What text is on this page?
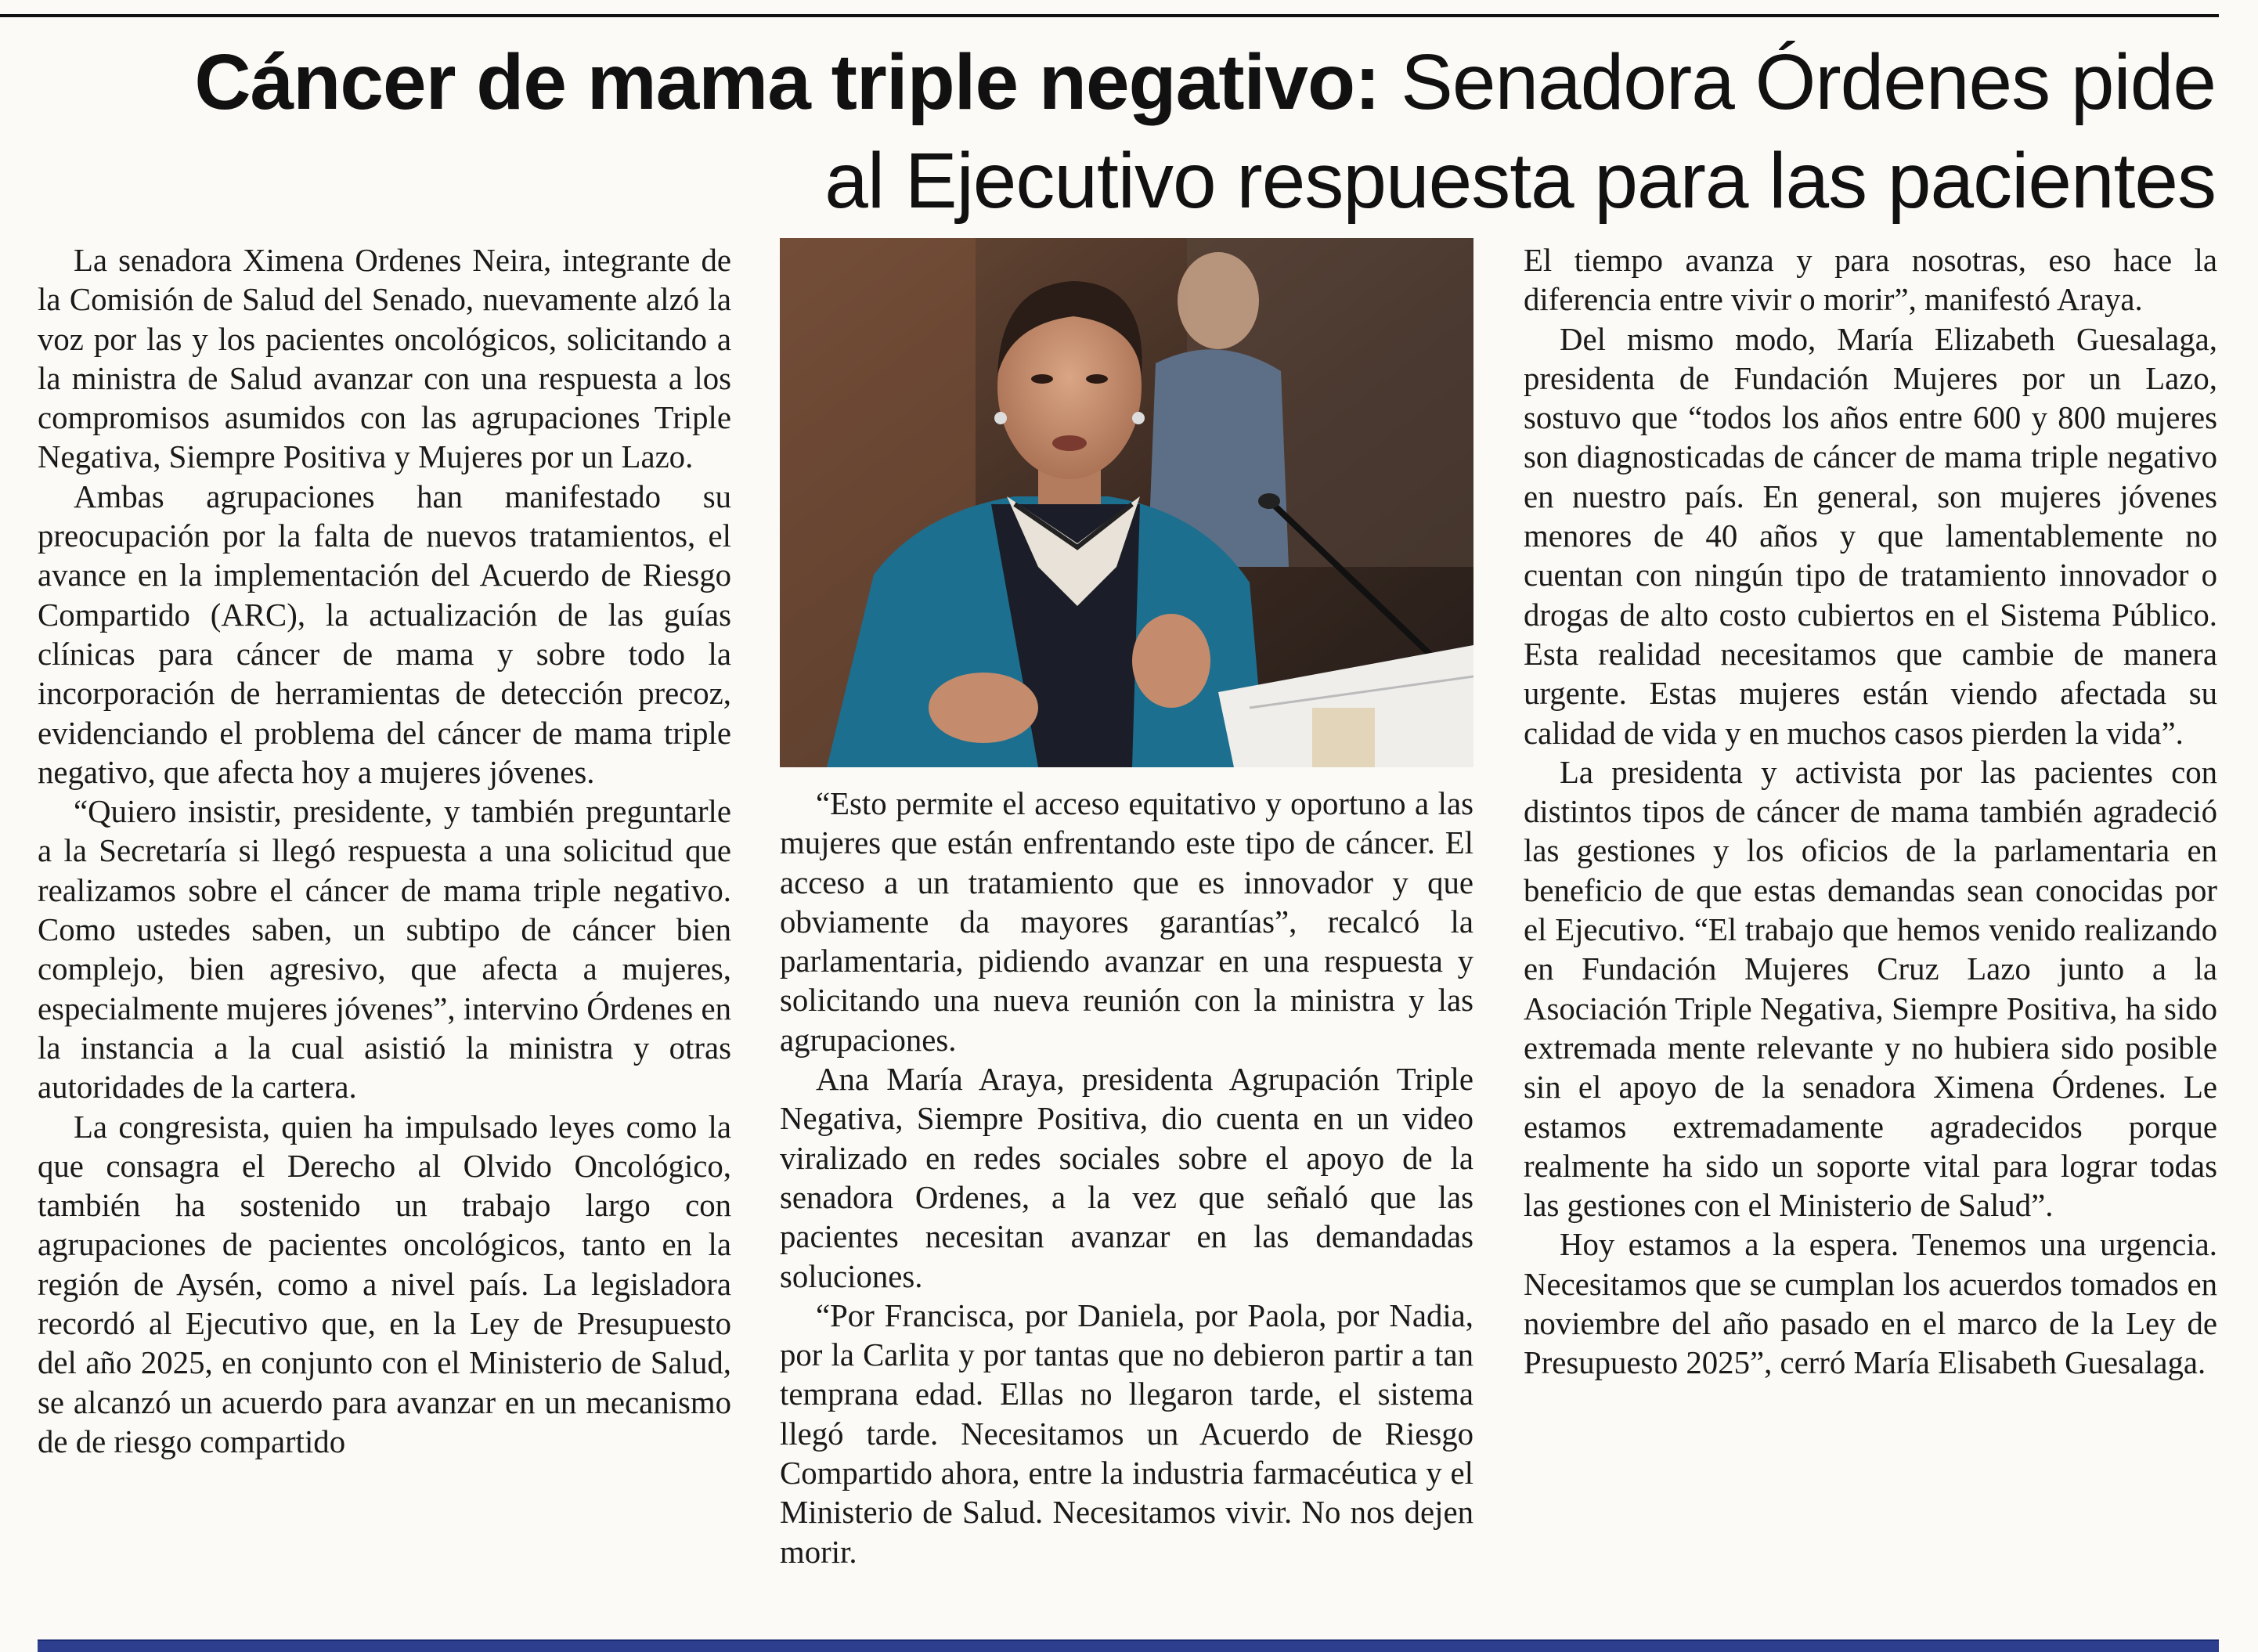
Cáncer de mama triple negativo: Senadora Órdenes pide
al Ejecutivo respuesta para las pacientes

La senadora Ximena Ordenes Neira, integrante de la Comisión de Salud del Senado, nuevamente alzó la voz por las y los pacientes oncológicos, solicitando a la ministra de Salud avanzar con una respuesta a los compromisos asumidos con las agrupaciones Triple Negativa, Siempre Positiva y Mujeres por un Lazo.

Ambas agrupaciones han manifestado su preocupación por la falta de nuevos tratamientos, el avance en la implementación del Acuerdo de Riesgo Compartido (ARC), la actualización de las guías clínicas para cáncer de mama y sobre todo la incorporación de herramientas de detección precoz, evidenciando el problema del cáncer de mama triple negativo, que afecta hoy a mujeres jóvenes.

“Quiero insistir, presidente, y también preguntarle a la Secretaría si llegó respuesta a una solicitud que realizamos sobre el cáncer de mama triple negativo. Como ustedes saben, un subtipo de cáncer bien complejo, bien agresivo, que afecta a mujeres, especialmente mujeres jóvenes”, intervino Órdenes en la instancia a la cual asistió la ministra y otras autoridades de la cartera.

La congresista, quien ha impulsado leyes como la que consagra el Derecho al Olvido Oncológico, también ha sostenido un trabajo largo con agrupaciones de pacientes oncológicos, tanto en la región de Aysén, como a nivel país. La legisladora recordó al Ejecutivo que, en la Ley de Presupuesto del año 2025, en conjunto con el Ministerio de Salud, se alcanzó un acuerdo para avanzar en un mecanismo de de riesgo compartido

“Esto permite el acceso equitativo y oportuno a las mujeres que están enfrentando este tipo de cáncer. El acceso a un tratamiento que es innovador y que obviamente da mayores garantías”, recalcó la parlamentaria, pidiendo avanzar en una respuesta y solicitando una nueva reunión con la ministra y las agrupaciones.

Ana María Araya, presidenta Agrupación Triple Negativa, Siempre Positiva, dio cuenta en un video viralizado en redes sociales sobre el apoyo de la senadora Ordenes, a la vez que señaló que las pacientes necesitan avanzar en las demandadas soluciones.

“Por Francisca, por Daniela, por Paola, por Nadia, por la Carlita y por tantas que no debieron partir a tan temprana edad. Ellas no llegaron tarde, el sistema llegó tarde. Necesitamos un Acuerdo de Riesgo Compartido ahora, entre la industria farmacéutica y el Ministerio de Salud. Necesitamos vivir. No nos dejen morir.

El tiempo avanza y para nosotras, eso hace la diferencia entre vivir o morir”, manifestó Araya.

Del mismo modo, María Elizabeth Guesalaga, presidenta de Fundación Mujeres por un Lazo, sostuvo que “todos los años entre 600 y 800 mujeres son diagnosticadas de cáncer de mama triple negativo en nuestro país. En general, son mujeres jóvenes menores de 40 años y que lamentablemente no cuentan con ningún tipo de tratamiento innovador o drogas de alto costo cubiertos en el Sistema Público. Esta realidad necesitamos que cambie de manera urgente. Estas mujeres están viendo afectada su calidad de vida y en muchos casos pierden la vida”.

La presidenta y activista por las pacientes con distintos tipos de cáncer de mama también agradeció las gestiones y los oficios de la parlamentaria en beneficio de que estas demandas sean conocidas por el Ejecutivo. “El trabajo que hemos venido realizando en Fundación Mujeres Cruz Lazo junto a la Asociación Triple Negativa, Siempre Positiva, ha sido extremada mente relevante y no hubiera sido posible sin el apoyo de la senadora Ximena Órdenes. Le estamos extremadamente agradecidos porque realmente ha sido un soporte vital para lograr todas las gestiones con el Ministerio de Salud”.

Hoy estamos a la espera. Tenemos una urgencia. Necesitamos que se cumplan los acuerdos tomados en noviembre del año pasado en el marco de la Ley de Presupuesto 2025”, cerró María Elisabeth Guesalaga.
